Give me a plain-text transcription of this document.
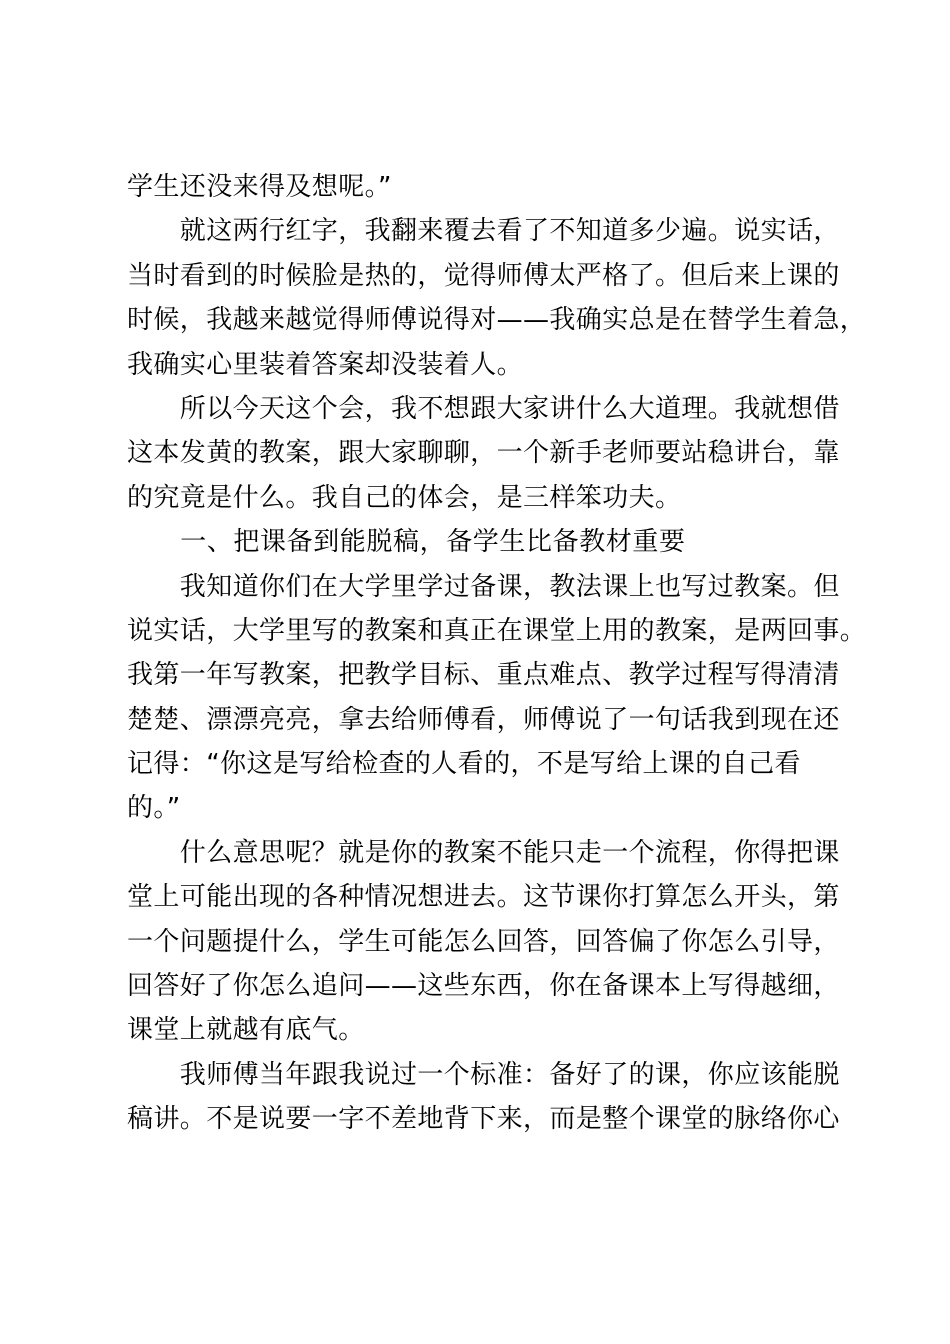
学生还没来得及想呢。”
　　就这两行红字，我翻来覆去看了不知道多少遍。说实话，
当时看到的时候脸是热的，觉得师傅太严格了。但后来上课的
时候，我越来越觉得师傅说得对——我确实总是在替学生着急，
我确实心里装着答案却没装着人。
　　所以今天这个会，我不想跟大家讲什么大道理。我就想借
这本发黄的教案，跟大家聊聊，一个新手老师要站稳讲台，靠
的究竟是什么。我自己的体会，是三样笨功夫。
　　一、把课备到能脱稿，备学生比备教材重要
　　我知道你们在大学里学过备课，教法课上也写过教案。但
说实话，大学里写的教案和真正在课堂上用的教案，是两回事。
我第一年写教案，把教学目标、重点难点、教学过程写得清清
楚楚、漂漂亮亮，拿去给师傅看，师傅说了一句话我到现在还
记得：“你这是写给检查的人看的，不是写给上课的自己看
的。”
　　什么意思呢？就是你的教案不能只走一个流程，你得把课
堂上可能出现的各种情况想进去。这节课你打算怎么开头，第
一个问题提什么，学生可能怎么回答，回答偏了你怎么引导，
回答好了你怎么追问——这些东西，你在备课本上写得越细，
课堂上就越有底气。
　　我师傅当年跟我说过一个标准：备好了的课，你应该能脱
稿讲。不是说要一字不差地背下来，而是整个课堂的脉络你心
